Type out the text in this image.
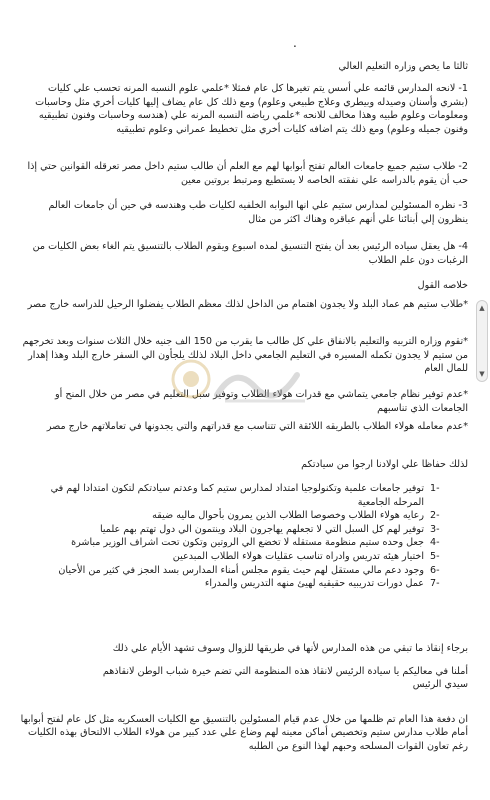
.
ثالثا ما يخص وزاره التعليم العالي

1- لانحه المدارس قائمه علي أسس يتم تغيرها كل عام فمثلا *علمي علوم النسبه المرنه تحسب علي كليات (بشري وأسنان وصيدله وبيطري وعلاج طبيعي وعلوم) ومع ذلك كل عام يضاف إليها كليات أخري مثل وحاسبات ومعلومات وعلوم طبيه وهذا مخالف للانحه *علمي رياضه النسبه المرنه علي (هندسه وحاسبات وفنون تطبيقيه وفنون جميله وعلوم) ومع ذلك يتم اضافه كليات أخري مثل تخطيط عمراني وعلوم تطبيقيه

2- طلاب ستيم جميع جامعات العالم تفتح أبوابها لهم مع العلم أن طالب ستيم داخل مصر تعرقله القوانين حتي إذا حب أن يقوم بالدراسه علي نفقته الخاصه لا يستطيع ومرتبط بروتين معين

3- نظره المسئولين لمدارس ستيم علي انها البوابه الخلفيه لكليات طب وهندسه في حين أن جامعات العالم ينظرون إلي أبنائنا علي أنهم عباقره وهناك اكثر من مثال

4- هل يعقل سياده الرئيس بعد أن يفتح التنسيق لمده اسبوع ويقوم الطلاب بالتنسيق يتم الغاء بعض الكليات من الرغبات دون علم الطلاب

خلاصه القول

*طلاب ستيم هم عماد البلد ولا يجدون اهتمام من الداخل لذلك معظم الطلاب يفضلوا الرحيل للدراسه خارج مصر

*تقوم وزاره التربيه والتعليم بالانفاق علي كل طالب ما يقرب من 150 الف جنيه خلال الثلاث سنوات وبعد تخرجهم من ستيم لا يجدون تكمله المسيره في التعليم الجامعي داخل البلاد لذلك يلجأون الي السفر خارج البلد وهذا إهدار للمال العام

*عدم توفير نظام جامعي يتماشي مع قدرات هولاء الطلاب وتوفير سبل التعليم في مصر من خلال المنح أو الجامعات الذي تناسبهم

*عدم معامله هولاء الطلاب بالطريقه اللائقة التي تتناسب مع قدراتهم والتي يجدونها في تعاملاتهم خارج مصر

لذلك حفاظا علي اولادنا ارجوا من سيادتكم
1-
توفير جامعات علمية وتكنولوجيا امتداد لمدارس ستيم كما وعدتم سيادتكم لتكون امتدادا لهم في المرحله الجامعية
2-
رعايه هولاء الطلاب وخصوصا الطلاب الذين يمرون بأحوال ماليه ضيقه
3-
توفير لهم كل السبل التي لا تجعلهم يهاجرون البلاد وينتمون الي دول تهتم بهم علميا
4-
جعل وحده ستيم منظومة مستقله لا تخضع الي الروتين وتكون تحت اشراف الوزير مباشرة
5-
اختيار هيئه تدريس وادراه تناسب عقليات هولاء الطلاب المبدعين
6-
وجود دعم مالي مستقل لهم حيث يقوم مجلس أمناء المدارس بسد العجز في كثير من الأحيان
7-
عمل دورات تدريبيه حقيقيه لهيئ منهه التدريس والمدراء

برجاء إنقاذ ما تبقي من هذه المدارس لأنها في طريقها للزوال وسوف تشهد الأيام علي ذلك

أملنا في معاليكم يا سيادة الرئيس لانقاذ هذه المنظومة التي تضم خيرة شباب الوطن لانقاذهم

سيدي الرئيس

ان دفعة هذا العام تم ظلمها من خلال عدم قيام المسئولين بالتنسيق مع الكليات العسكريه مثل كل عام لفتح أبوابها أمام طلاب مدارس ستيم وتخصيص أماكن معينه لهم وضاع علي عدد كبير من هولاء الطلاب الالتحاق بهذه الكليات رغم تعاون القوات المسلحه وحبهم لهذا النوع من الطلبه

▲
▼
